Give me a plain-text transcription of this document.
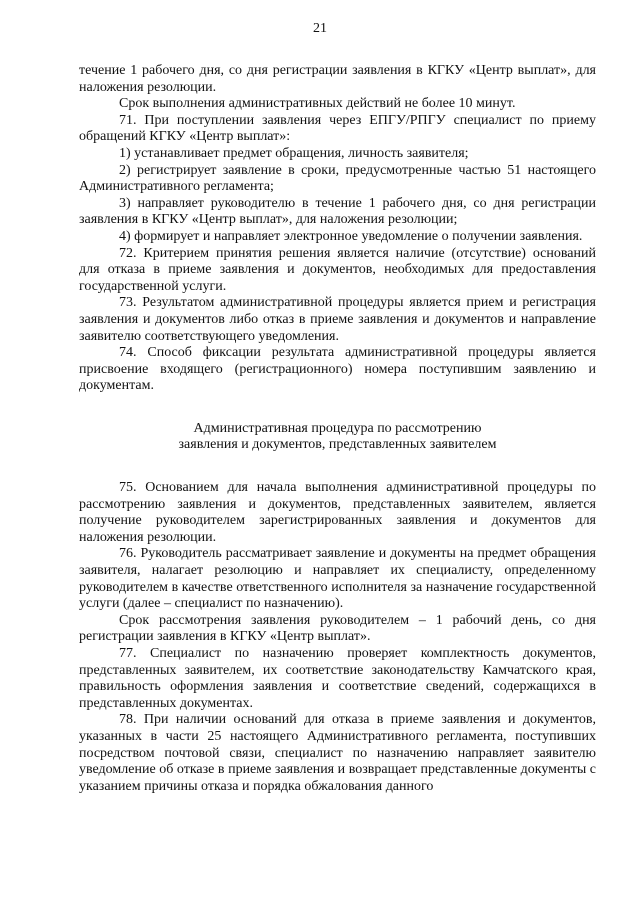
21

течение 1 рабочего дня, со дня регистрации заявления в КГКУ «Центр выплат», для наложения резолюции.

Срок выполнения административных действий не более 10 минут.

71. При поступлении заявления через ЕПГУ/РПГУ специалист по приему обращений КГКУ «Центр выплат»:

1) устанавливает предмет обращения, личность заявителя;

2) регистрирует заявление в сроки, предусмотренные частью 51 настоящего Административного регламента;

3) направляет руководителю в течение 1 рабочего дня, со дня регистрации заявления в КГКУ «Центр выплат», для наложения резолюции;

4) формирует и направляет электронное уведомление о получении заявления.

72. Критерием принятия решения является наличие (отсутствие) оснований для отказа в приеме заявления и документов, необходимых для предоставления государственной услуги.

73. Результатом административной процедуры является прием и регистрация заявления и документов либо отказ в приеме заявления и документов и направление заявителю соответствующего уведомления.

74. Способ фиксации результата административной процедуры является присвоение входящего (регистрационного) номера поступившим заявлению и документам.

Административная процедура по рассмотрению
заявления и документов, представленных заявителем

75. Основанием для начала выполнения административной процедуры по рассмотрению заявления и документов, представленных заявителем, является получение руководителем зарегистрированных заявления и документов для наложения резолюции.

76. Руководитель рассматривает заявление и документы на предмет обращения заявителя, налагает резолюцию и направляет их специалисту, определенному руководителем в качестве ответственного исполнителя за назначение государственной услуги (далее – специалист по назначению).

Срок рассмотрения заявления руководителем – 1 рабочий день, со дня регистрации заявления в КГКУ «Центр выплат».

77. Специалист по назначению проверяет комплектность документов, представленных заявителем, их соответствие законодательству Камчатского края, правильность оформления заявления и соответствие сведений, содержащихся в представленных документах.

78. При наличии оснований для отказа в приеме заявления и документов, указанных в части 25 настоящего Административного регламента, поступивших посредством почтовой связи, специалист по назначению направляет заявителю уведомление об отказе в приеме заявления и возвращает представленные документы с указанием причины отказа и порядка обжалования данного
